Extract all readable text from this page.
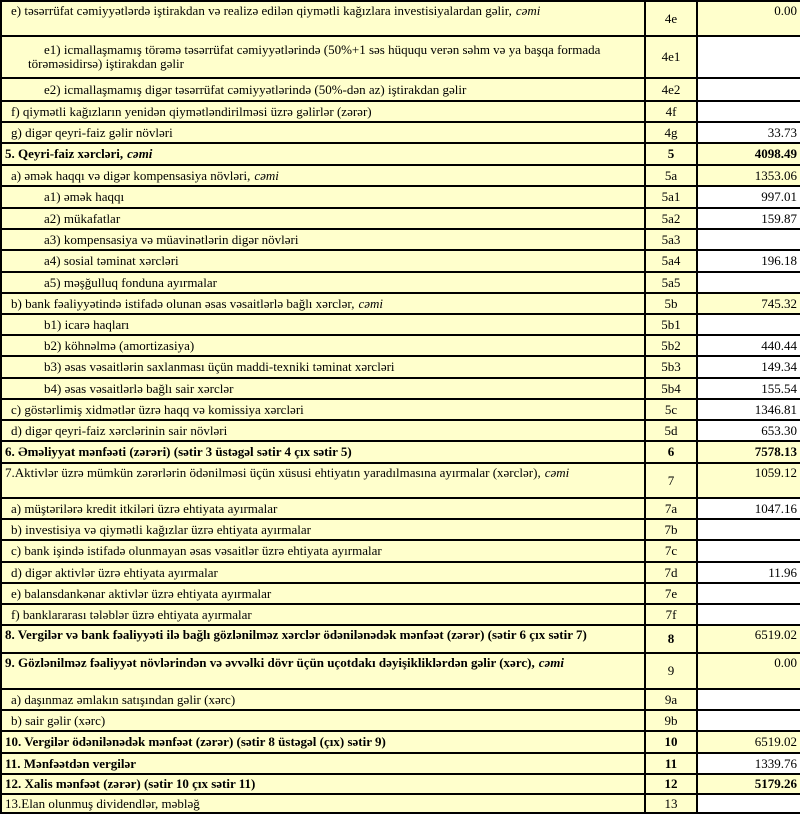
e) təsərrüfat cəmiyyətlərdə iştirakdan və realizə edilən qiymətli kağızlara investisiyalardan gəlir, cəmi	4e	0.00
e1) icmallaşmamış törəmə təsərrüfat cəmiyyətlərində (50%+1 səs hüququ verən səhm və ya başqa formada törəməsidirsə) iştirakdan gəlir	4e1	
e2) icmallaşmamış digər təsərrüfat cəmiyyətlərində (50%-dən az) iştirakdan gəlir	4e2	
f) qiymətli kağızların yenidən qiymətləndirilməsi üzrə gəlirlər (zərər)	4f	
g) digər qeyri-faiz gəlir növləri	4g	33.73
5. Qeyri-faiz xərcləri, cəmi	5	4098.49
a) əmək haqqı və digər kompensasiya növləri, cəmi	5a	1353.06
a1) əmək haqqı	5a1	997.01
a2) mükafatlar	5a2	159.87
a3) kompensasiya və müavinətlərin digər növləri	5a3	
a4) sosial təminat xərcləri	5a4	196.18
a5) məşğulluq fonduna ayırmalar	5a5	
b) bank fəaliyyətində istifadə olunan əsas vəsaitlərlə bağlı xərclər, cəmi	5b	745.32
b1) icarə haqları	5b1	
b2) köhnəlmə (amortizasiya)	5b2	440.44
b3) əsas vəsaitlərin saxlanması üçün maddi-texniki təminat xərcləri	5b3	149.34
b4) əsas vəsaitlərlə bağlı sair xərclər	5b4	155.54
c) göstərlimiş xidmətlər üzrə haqq və komissiya xərcləri	5c	1346.81
d) digər qeyri-faiz xərclərinin sair növləri	5d	653.30
6. Əməliyyat mənfəəti (zərəri) (sətir 3 üstəgəl sətir 4 çıx sətir 5)	6	7578.13
7.Aktivlər üzrə mümkün zərərlərin ödənilməsi üçün xüsusi ehtiyatın yaradılmasına ayırmalar (xərclər), cəmi	7	1059.12
a) müştərilərə kredit itkiləri üzrə ehtiyata ayırmalar	7a	1047.16
b) investisiya və qiymətli kağızlar üzrə ehtiyata ayırmalar	7b	
c) bank işində istifadə olunmayan əsas vəsaitlər üzrə ehtiyata ayırmalar	7c	
d) digər aktivlər üzrə ehtiyata ayırmalar	7d	11.96
e) balansdankənar aktivlər üzrə ehtiyata ayırmalar	7e	
f) banklararası tələblər üzrə ehtiyata ayırmalar	7f	
8. Vergilər və bank fəaliyyəti ilə bağlı gözlənilməz xərclər ödənilənədək mənfəət (zərər) (sətir 6 çıx sətir 7)	8	6519.02
9. Gözlənilməz fəaliyyət növlərindən və əvvəlki dövr üçün uçotdakı dəyişikliklərdən gəlir (xərc), cəmi	9	0.00
a) daşınmaz əmlakın satışından gəlir (xərc)	9a	
b) sair gəlir (xərc)	9b	
10. Vergilər ödənilənədək mənfəət (zərər) (sətir 8 üstəgəl (çıx) sətir 9)	10	6519.02
11. Mənfəətdən vergilər	11	1339.76
12. Xalis mənfəət (zərər) (sətir 10 çıx sətir 11)	12	5179.26
13.Elan olunmuş dividendlər, məbləğ	13	
